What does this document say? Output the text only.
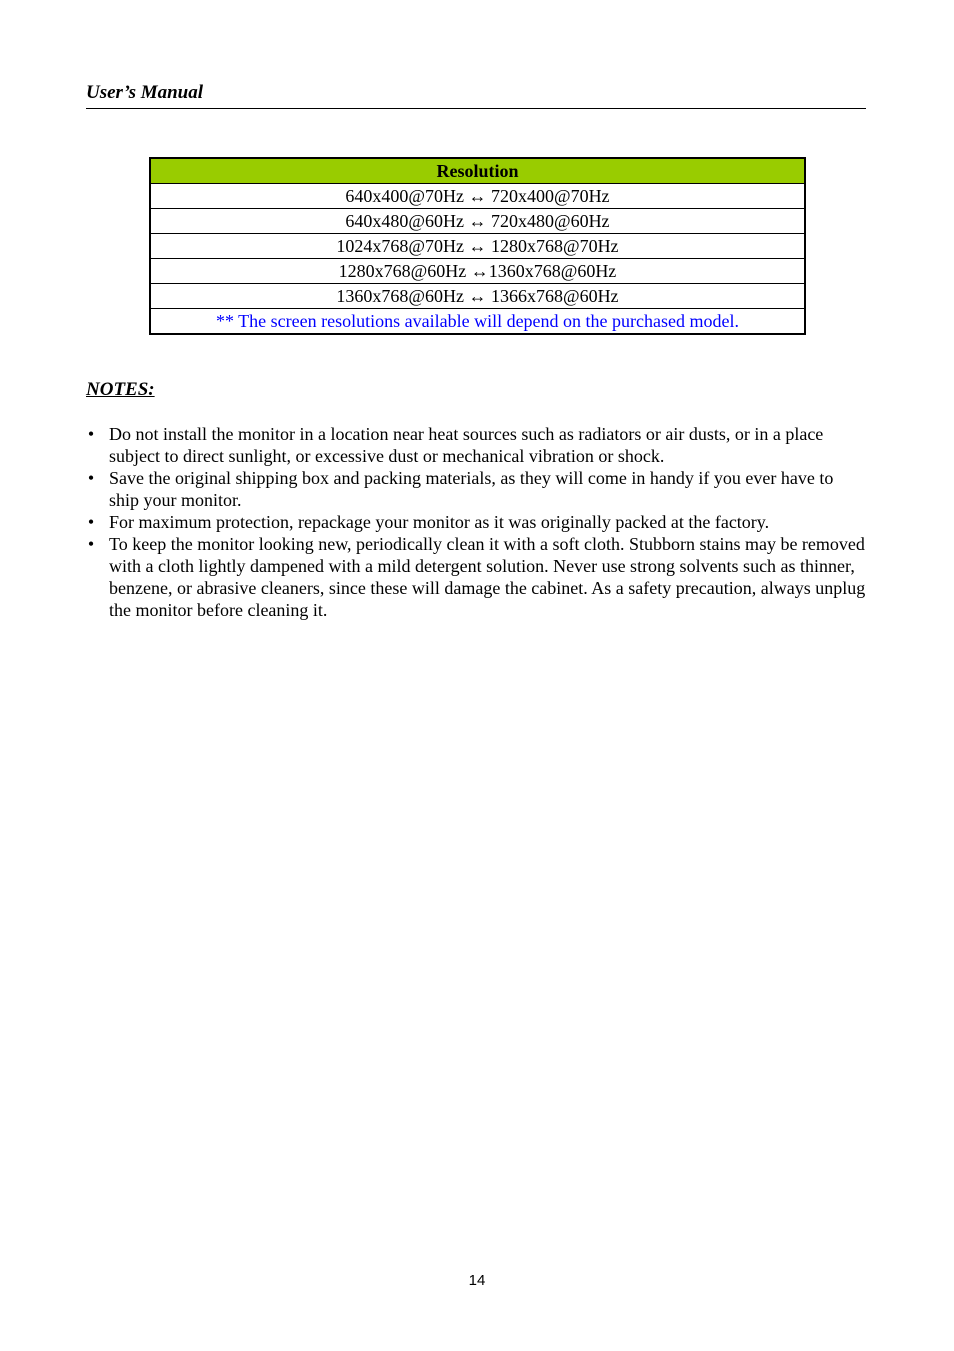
User’s Manual
Resolution
640x400@70Hz ↔ 720x400@70Hz
640x480@60Hz ↔ 720x480@60Hz
1024x768@70Hz ↔ 1280x768@70Hz
1280x768@60Hz ↔1360x768@60Hz
1360x768@60Hz ↔ 1366x768@60Hz
** The screen resolutions available will depend on the purchased model.
NOTES:
• Do not install the monitor in a location near heat sources such as radiators or air dusts, or in a place subject to direct sunlight, or excessive dust or mechanical vibration or shock.
• Save the original shipping box and packing materials, as they will come in handy if you ever have to ship your monitor.
• For maximum protection, repackage your monitor as it was originally packed at the factory.
• To keep the monitor looking new, periodically clean it with a soft cloth. Stubborn stains may be removed with a cloth lightly dampened with a mild detergent solution. Never use strong solvents such as thinner, benzene, or abrasive cleaners, since these will damage the cabinet. As a safety precaution, always unplug the monitor before cleaning it.
14
